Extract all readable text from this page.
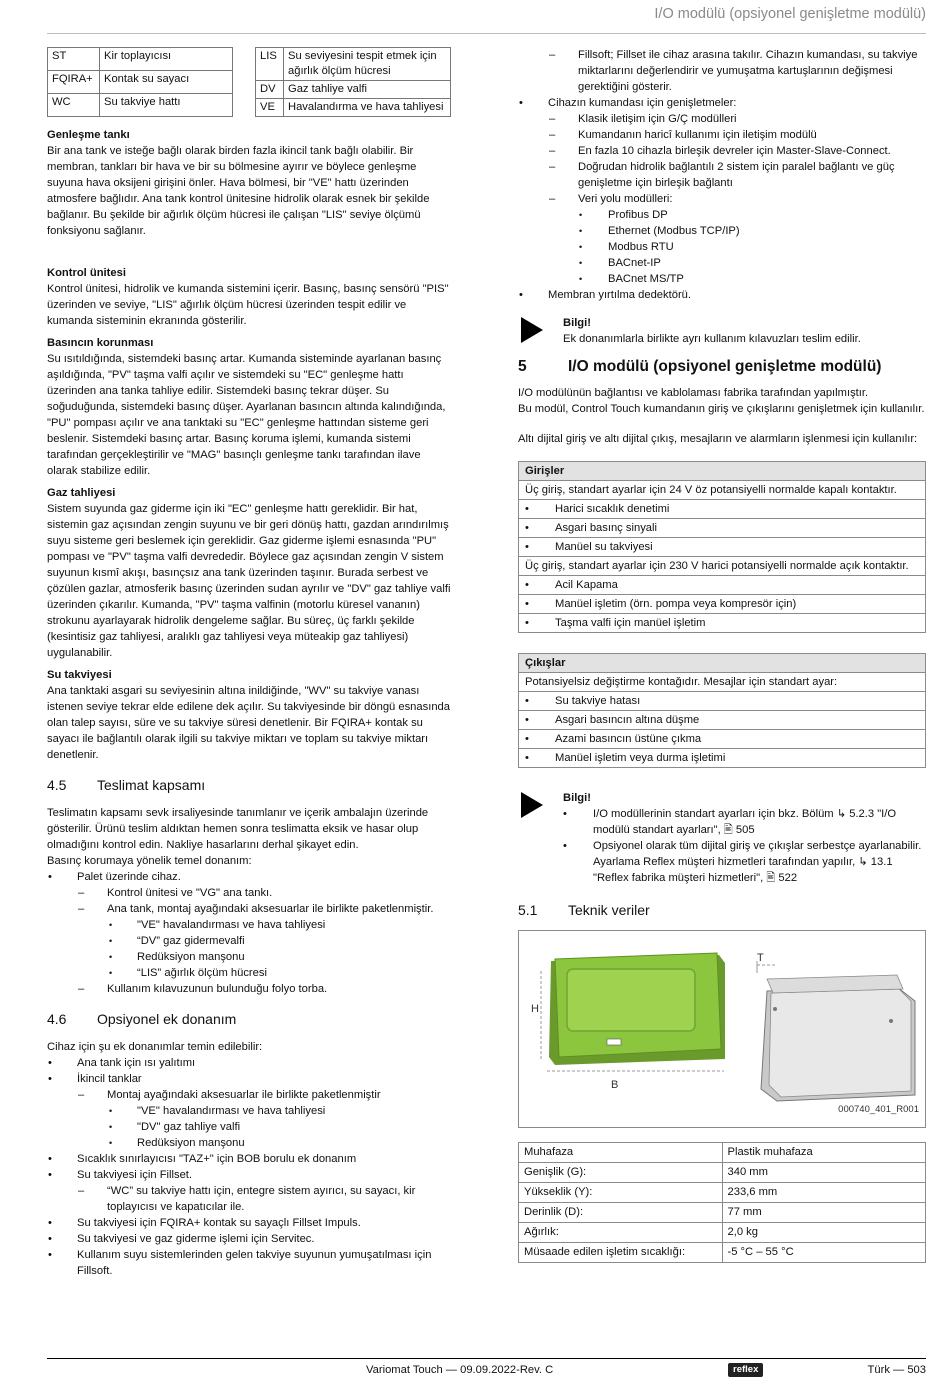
I/O modülü (opsiyonel genişletme modülü)
ST	Kir toplayıcısı
FQIRA+	Kontak su sayacı
WC	Su takviye hattı
LIS	Su seviyesini tespit etmek için ağırlık ölçüm hücresi
DV	Gaz tahliye valfi
VE	Havalandırma ve hava tahliyesi
Genleşme tankı

Bir ana tank ve isteğe bağlı olarak birden fazla ikincil tank bağlı olabilir. Bir membran, tankları bir hava ve bir su bölmesine ayırır ve böylece genleşme suyuna hava oksijeni girişini önler. Hava bölmesi, bir "VE" hattı üzerinden atmosfere bağlıdır. Ana tank kontrol ünitesine hidrolik olarak esnek bir şekilde bağlanır. Bu şekilde bir ağırlık ölçüm hücresi ile çalışan "LIS" seviye ölçümü fonksiyonu sağlanır.

Kontrol ünitesi

Kontrol ünitesi, hidrolik ve kumanda sistemini içerir. Basınç, basınç sensörü "PIS" üzerinden ve seviye, "LIS" ağırlık ölçüm hücresi üzerinden tespit edilir ve kumanda sisteminin ekranında gösterilir.

Basıncın korunması

Su ısıtıldığında, sistemdeki basınç artar. Kumanda sisteminde ayarlanan basınç aşıldığında, "PV" taşma valfi açılır ve sistemdeki su "EC" genleşme hattı üzerinden ana tanka tahliye edilir. Sistemdeki basınç tekrar düşer. Su soğuduğunda, sistemdeki basınç düşer. Ayarlanan basıncın altında kalındığında, "PU" pompası açılır ve ana tanktaki su "EC" genleşme hattından sisteme geri beslenir. Sistemdeki basınç artar. Basınç koruma işlemi, kumanda sistemi tarafından gerçekleştirilir ve "MAG" basınçlı genleşme tankı tarafından ilave olarak stabilize edilir.

Gaz tahliyesi

Sistem suyunda gaz giderme için iki "EC" genleşme hattı gereklidir. Bir hat, sistemin gaz açısından zengin suyunu ve bir geri dönüş hattı, gazdan arındırılmış suyu sisteme geri beslemek için gereklidir. Gaz giderme işlemi esnasında "PU" pompası ve "PV" taşma valfi devrededir. Böylece gaz açısından zengin V sistem suyunun kısmî akışı, basınçsız ana tank üzerinden taşınır. Burada serbest ve çözülen gazlar, atmosferik basınç üzerinden sudan ayrılır ve "DV" gaz tahliye valfi üzerinden çıkarılır. Kumanda, "PV" taşma valfinin (motorlu küresel vananın) strokunu ayarlayarak hidrolik dengeleme sağlar. Bu süreç, üç farklı şekilde (kesintisiz gaz tahliyesi, aralıklı gaz tahliyesi veya müteakip gaz tahliyesi) uygulanabilir.

Su takviyesi

Ana tanktaki asgari su seviyesinin altına inildiğinde, "WV" su takviye vanası istenen seviye tekrar elde edilene dek açılır. Su takviyesinde bir döngü esnasında olan talep sayısı, süre ve su takviye süresi denetlenir. Bir FQIRA+ kontak su sayacı ile bağlantılı olarak ilgili su takviye miktarı ve toplam su takviye miktarı denetlenir.

4.5	Teslimat kapsamı

Teslimatın kapsamı sevk irsaliyesinde tanımlanır ve içerik ambalajın üzerinde gösterilir. Ürünü teslim aldıktan hemen sonra teslimatta eksik ve hasar olup olmadığını kontrol edin. Nakliye hasarlarını derhal şikayet edin.

Basınç korumaya yönelik temel donanım:

• Palet üzerinde cihaz.
– Kontrol ünitesi ve "VG" ana tankı.
– Ana tank, montaj ayağındaki aksesuarlar ile birlikte paketlenmiştir.
• "VE" havalandırması ve hava tahliyesi
• “DV” gaz gidermevalfi
• Redüksiyon manşonu
• “LIS” ağırlık ölçüm hücresi
– Kullanım kılavuzunun bulunduğu folyo torba.
4.6	Opsiyonel ek donanım

Cihaz için şu ek donanımlar temin edilebilir:

• Ana tank için ısı yalıtımı
• İkincil tanklar
– Montaj ayağındaki aksesuarlar ile birlikte paketlenmiştir
• "VE" havalandırması ve hava tahliyesi
• "DV" gaz tahliye valfi
• Redüksiyon manşonu
• Sıcaklık sınırlayıcısı "TAZ+" için BOB borulu ek donanım
• Su takviyesi için Fillset.
– “WC” su takviye hattı için, entegre sistem ayırıcı, su sayacı, kir toplayıcısı ve kapatıcılar ile.
• Su takviyesi için FQIRA+ kontak su sayaçlı Fillset Impuls.
• Su takviyesi ve gaz giderme işlemi için Servitec.
• Kullanım suyu sistemlerinden gelen takviye suyunun yumuşatılması için Fillsoft.
– Fillsoft; Fillset ile cihaz arasına takılır. Cihazın kumandası, su takviye miktarlarını değerlendirir ve yumuşatma kartuşlarının değişmesi gerektiğini gösterir.
• Cihazın kumandası için genişletmeler:
– Klasik iletişim için G/Ç modülleri
– Kumandanın haricî kullanımı için iletişim modülü
– En fazla 10 cihazla birleşik devreler için Master-Slave-Connect.
– Doğrudan hidrolik bağlantılı 2 sistem için paralel bağlantı ve güç genişletme için birleşik bağlantı
– Veri yolu modülleri:
• Profibus DP
• Ethernet (Modbus TCP/IP)
• Modbus RTU
• BACnet-IP
• BACnet MS/TP
• Membran yırtılma dedektörü.
Bilgi!

Ek donanımlarla birlikte ayrı kullanım kılavuzları teslim edilir.

5	I/O modülü (opsiyonel genişletme modülü)

I/O modülünün bağlantısı ve kablolaması fabrika tarafından yapılmıştır.

Bu modül, Control Touch kumandanın giriş ve çıkışlarını genişletmek için kullanılır.

Altı dijital giriş ve altı dijital çıkış, mesajların ve alarmların işlenmesi için kullanılır:

Girişler
Üç giriş, standart ayarlar için 24 V öz potansiyelli normalde kapalı kontaktır.
• Harici sıcaklık denetimi
• Asgari basınç sinyali
• Manüel su takviyesi
Üç giriş, standart ayarlar için 230 V harici potansiyelli normalde açık kontaktır.
• Acil Kapama
• Manüel işletim (örn. pompa veya kompresör için)
• Taşma valfi için manüel işletim
Çıkışlar
Potansiyelsiz değiştirme kontağıdır. Mesajlar için standart ayar:
• Su takviye hatası
• Asgari basıncın altına düşme
• Azami basıncın üstüne çıkma
• Manüel işletim veya durma işletimi
Bilgi!

• I/O modüllerinin standart ayarları için bkz. Bölüm ↳ 5.2.3 "I/O modülü standart ayarları", 🖹 505

• Opsiyonel olarak tüm dijital giriş ve çıkışlar serbestçe ayarlanabilir. Ayarlama Reflex müşteri hizmetleri tarafından yapılır, ↳ 13.1 "Reflex fabrika müşteri hizmetleri", 🖹 522

5.1	Teknik veriler
H
B
T
000740_401_R001
Muhafaza	Plastik muhafaza
Genişlik (G):	340 mm
Yükseklik (Y):	233,6 mm
Derinlik (D):	77 mm
Ağırlık:	2,0 kg
Müsaade edilen işletim sıcaklığı:	-5 °C – 55 °C
Variomat Touch — 09.09.2022-Rev. C	reflex	Türk — 503
